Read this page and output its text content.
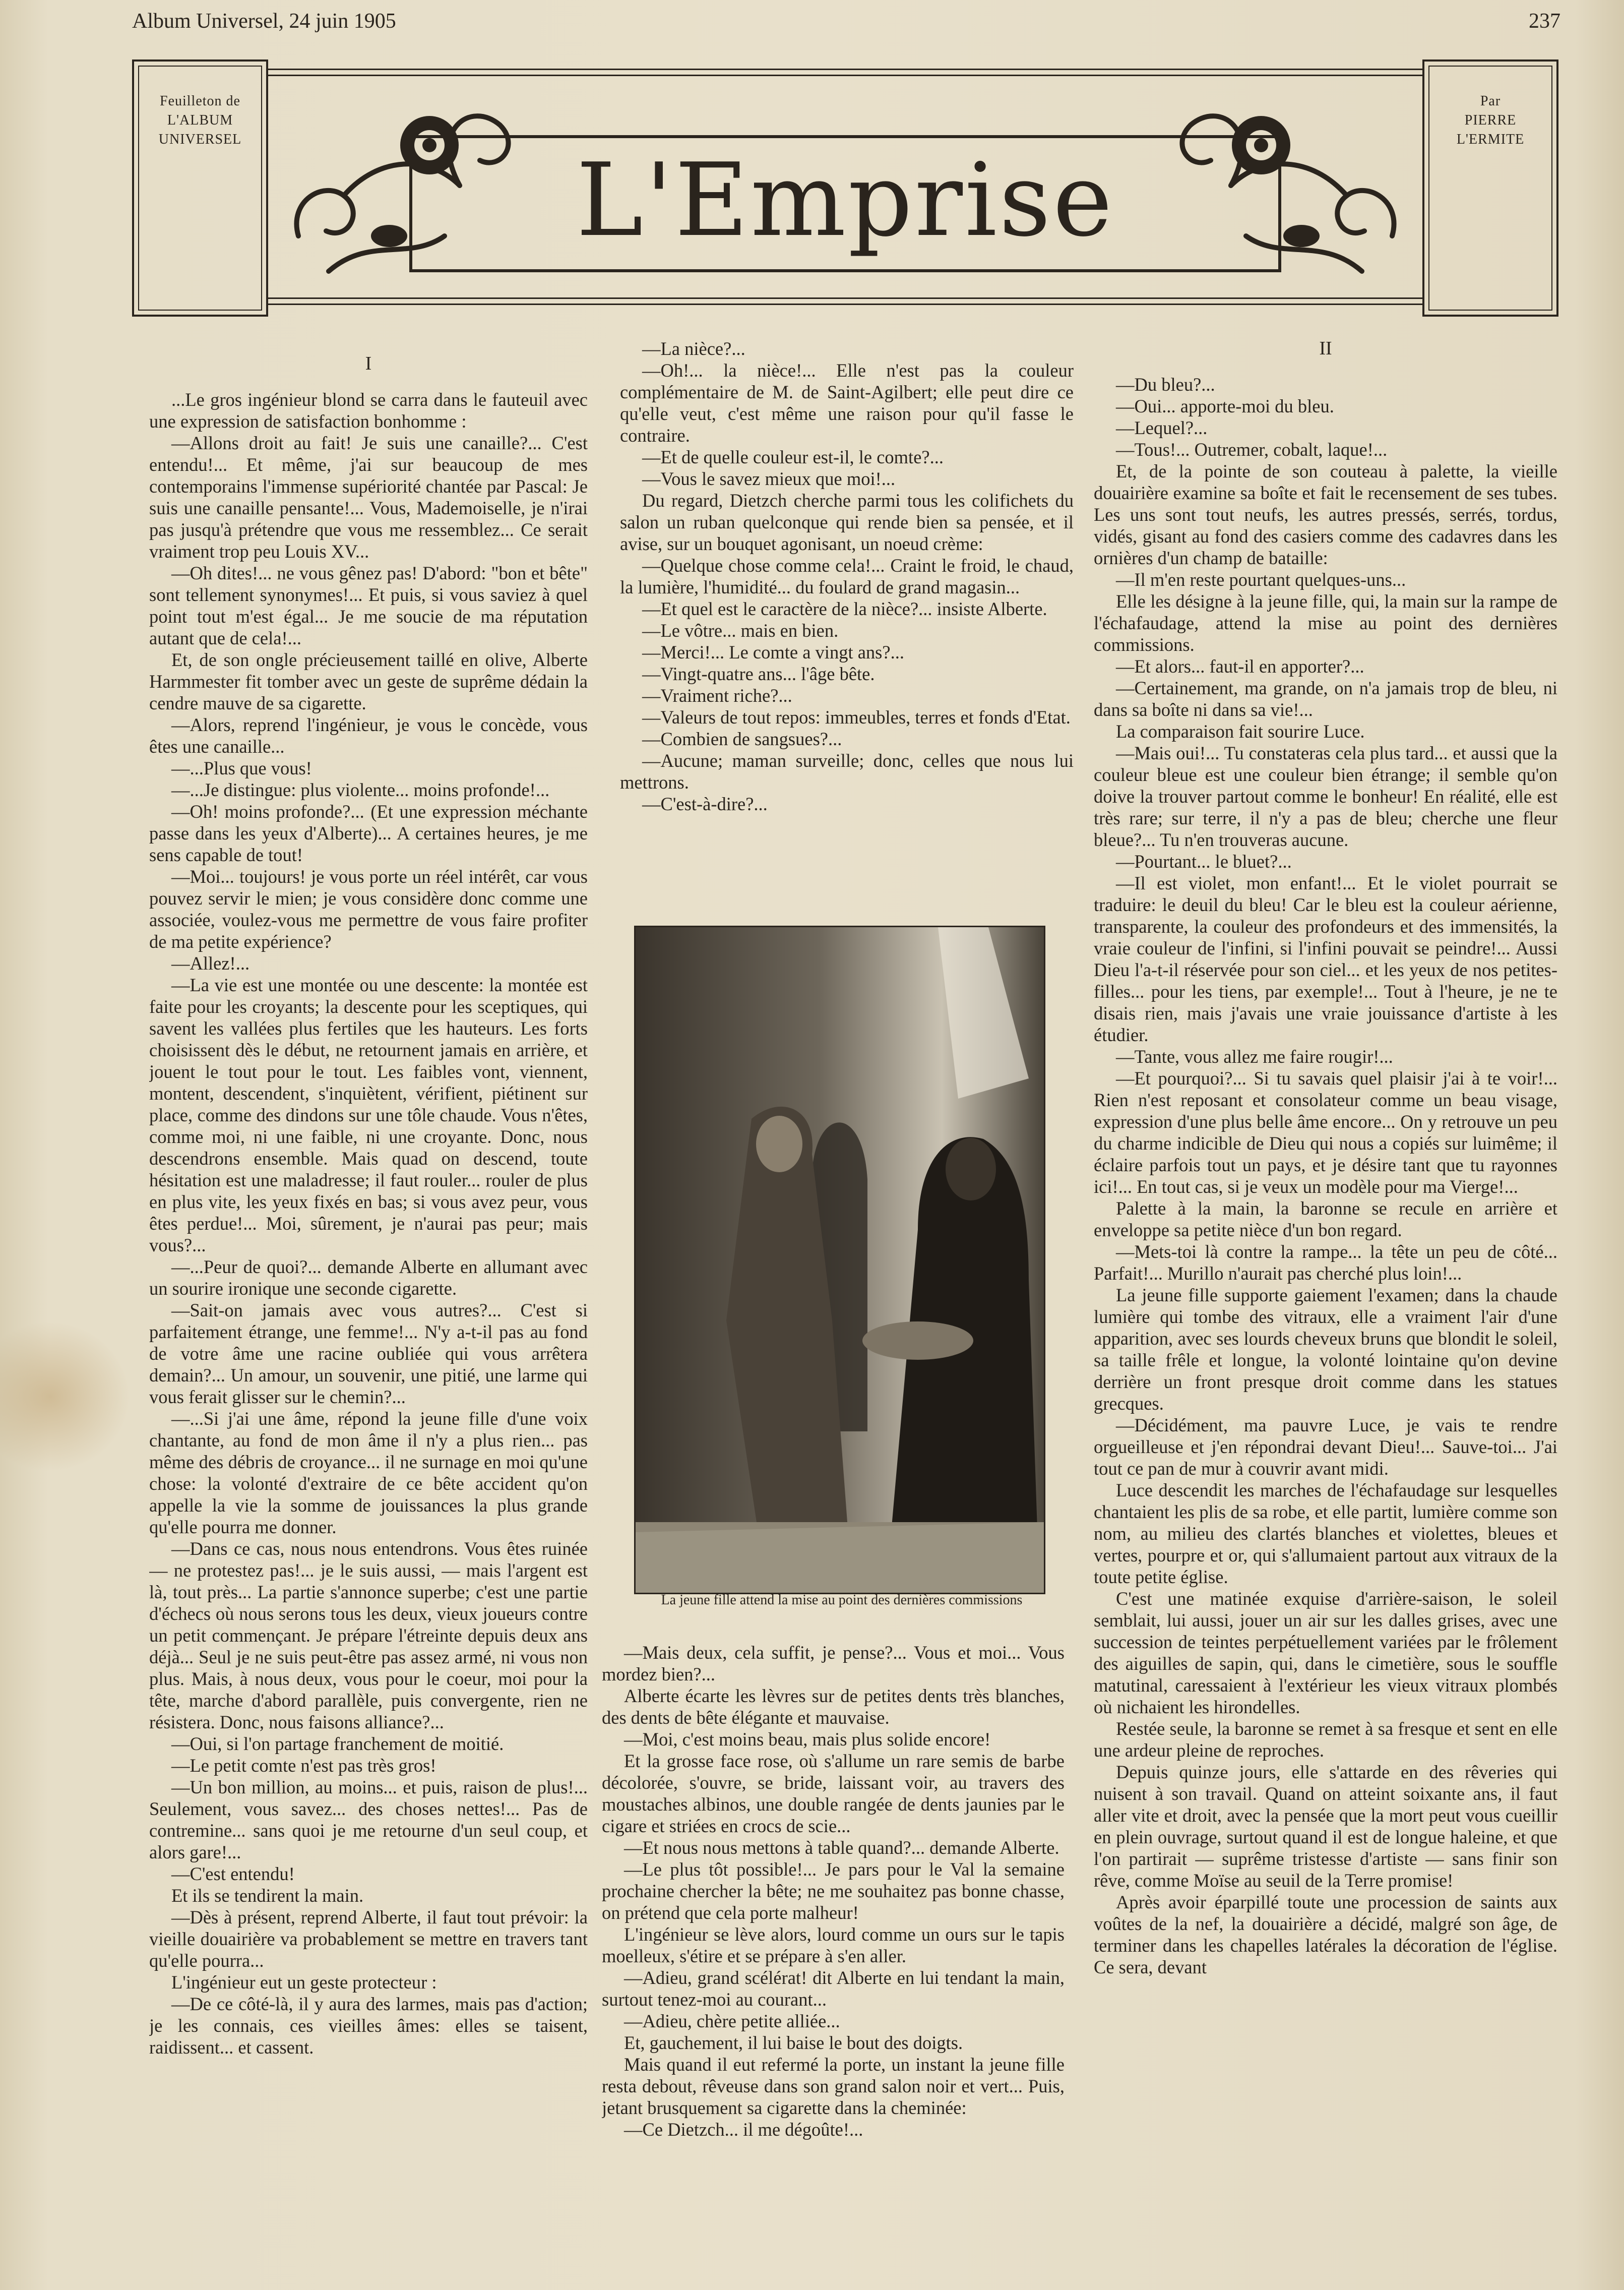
Album Universel, 24 juin 1905	237
Feuilleton de
L'ALBUM
UNIVERSEL
Par
PIERRE
L'ERMITE
L'Emprise

I

...Le gros ingénieur blond se carra dans le fauteuil avec une expression de satisfaction bonhomme :

—Allons droit au fait! Je suis une canaille?... C'est entendu!... Et même, j'ai sur beaucoup de mes contemporains l'immense supériorité chantée par Pascal: Je suis une canaille pensante!... Vous, Mademoiselle, je n'irai pas jusqu'à prétendre que vous me ressemblez... Ce serait vraiment trop peu Louis XV...

—Oh dites!... ne vous gênez pas! D'abord: "bon et bête" sont tellement synonymes!... Et puis, si vous saviez à quel point tout m'est égal... Je me soucie de ma réputation autant que de cela!...

Et, de son ongle précieusement taillé en olive, Alberte Harmmester fit tomber avec un geste de suprême dédain la cendre mauve de sa cigarette.

—Alors, reprend l'ingénieur, je vous le concède, vous êtes une canaille...

—...Plus que vous!

—...Je distingue: plus violente... moins profonde!...

—Oh! moins profonde?... (Et une expression méchante passe dans les yeux d'Alberte)... A certaines heures, je me sens capable de tout!

—Moi... toujours! je vous porte un réel intérêt, car vous pouvez servir le mien; je vous considère donc comme une associée, voulez-vous me permettre de vous faire profiter de ma petite expérience?

—Allez!...

—La vie est une montée ou une descente: la montée est faite pour les croyants; la descente pour les sceptiques, qui savent les vallées plus fertiles que les hauteurs. Les forts choisissent dès le début, ne retournent jamais en arrière, et jouent le tout pour le tout. Les faibles vont, viennent, montent, descendent, s'inquiètent, vérifient, piétinent sur place, comme des dindons sur une tôle chaude. Vous n'êtes, comme moi, ni une faible, ni une croyante. Donc, nous descendrons ensemble. Mais quad on descend, toute hésitation est une maladresse; il faut rouler... rouler de plus en plus vite, les yeux fixés en bas; si vous avez peur, vous êtes perdue!... Moi, sûrement, je n'aurai pas peur; mais vous?...

—...Peur de quoi?... demande Alberte en allumant avec un sourire ironique une seconde cigarette.

—Sait-on jamais avec vous autres?... C'est si parfaitement étrange, une femme!... N'y a-t-il pas au fond de votre âme une racine oubliée qui vous arrêtera demain?... Un amour, un souvenir, une pitié, une larme qui vous ferait glisser sur le chemin?...

—...Si j'ai une âme, répond la jeune fille d'une voix chantante, au fond de mon âme il n'y a plus rien... pas même des débris de croyance... il ne surnage en moi qu'une chose: la volonté d'extraire de ce bête accident qu'on appelle la vie la somme de jouissances la plus grande qu'elle pourra me donner.

—Dans ce cas, nous nous entendrons. Vous êtes ruinée — ne protestez pas!... je le suis aussi, — mais l'argent est là, tout près... La partie s'annonce superbe; c'est une partie d'échecs où nous serons tous les deux, vieux joueurs contre un petit commençant. Je prépare l'étreinte depuis deux ans déjà... Seul je ne suis peut-être pas assez armé, ni vous non plus. Mais, à nous deux, vous pour le coeur, moi pour la tête, marche d'abord parallèle, puis convergente, rien ne résistera. Donc, nous faisons alliance?...

—Oui, si l'on partage franchement de moitié.

—Le petit comte n'est pas très gros!

—Un bon million, au moins... et puis, raison de plus!... Seulement, vous savez... des choses nettes!... Pas de contremine... sans quoi je me retourne d'un seul coup, et alors gare!...

—C'est entendu!

Et ils se tendirent la main.

—Dès à présent, reprend Alberte, il faut tout prévoir: la vieille douairière va probablement se mettre en travers tant qu'elle pourra...

L'ingénieur eut un geste protecteur :

—De ce côté-là, il y aura des larmes, mais pas d'action; je les connais, ces vieilles âmes: elles se taisent, raidissent... et cassent.

—La nièce?...

—Oh!... la nièce!... Elle n'est pas la couleur complémentaire de M. de Saint-Agilbert; elle peut dire ce qu'elle veut, c'est même une raison pour qu'il fasse le contraire.

—Et de quelle couleur est-il, le comte?...

—Vous le savez mieux que moi!...

Du regard, Dietzch cherche parmi tous les colifichets du salon un ruban quelconque qui rende bien sa pensée, et il avise, sur un bouquet agonisant, un noeud crème:

—Quelque chose comme cela!... Craint le froid, le chaud, la lumière, l'humidité... du foulard de grand magasin...

—Et quel est le caractère de la nièce?... insiste Alberte.

—Le vôtre... mais en bien.

—Merci!... Le comte a vingt ans?...

—Vingt-quatre ans... l'âge bête.

—Vraiment riche?...

—Valeurs de tout repos: immeubles, terres et fonds d'Etat.

—Combien de sangsues?...

—Aucune; maman surveille; donc, celles que nous lui mettrons.

—C'est-à-dire?...

La jeune fille attend la mise au point des dernières commissions

—Mais deux, cela suffit, je pense?... Vous et moi... Vous mordez bien?...

Alberte écarte les lèvres sur de petites dents très blanches, des dents de bête élégante et mauvaise.

—Moi, c'est moins beau, mais plus solide encore!

Et la grosse face rose, où s'allume un rare semis de barbe décolorée, s'ouvre, se bride, laissant voir, au travers des moustaches albinos, une double rangée de dents jaunies par le cigare et striées en crocs de scie...

—Et nous nous mettons à table quand?... demande Alberte.

—Le plus tôt possible!... Je pars pour le Val la semaine prochaine chercher la bête; ne me souhaitez pas bonne chasse, on prétend que cela porte malheur!

L'ingénieur se lève alors, lourd comme un ours sur le tapis moelleux, s'étire et se prépare à s'en aller.

—Adieu, grand scélérat! dit Alberte en lui tendant la main, surtout tenez-moi au courant...

—Adieu, chère petite alliée...

Et, gauchement, il lui baise le bout des doigts.

Mais quand il eut refermé la porte, un instant la jeune fille resta debout, rêveuse dans son grand salon noir et vert... Puis, jetant brusquement sa cigarette dans la cheminée:

—Ce Dietzch... il me dégoûte!...

II

—Du bleu?...

—Oui... apporte-moi du bleu.

—Lequel?...

—Tous!... Outremer, cobalt, laque!...

Et, de la pointe de son couteau à palette, la vieille douairière examine sa boîte et fait le recensement de ses tubes. Les uns sont tout neufs, les autres pressés, serrés, tordus, vidés, gisant au fond des casiers comme des cadavres dans les ornières d'un champ de bataille:

—Il m'en reste pourtant quelques-uns...

Elle les désigne à la jeune fille, qui, la main sur la rampe de l'échafaudage, attend la mise au point des dernières commissions.

—Et alors... faut-il en apporter?...

—Certainement, ma grande, on n'a jamais trop de bleu, ni dans sa boîte ni dans sa vie!...

La comparaison fait sourire Luce.

—Mais oui!... Tu constateras cela plus tard... et aussi que la couleur bleue est une couleur bien étrange; il semble qu'on doive la trouver partout comme le bonheur! En réalité, elle est très rare; sur terre, il n'y a pas de bleu; cherche une fleur bleue?... Tu n'en trouveras aucune.

—Pourtant... le bluet?...

—Il est violet, mon enfant!... Et le violet pourrait se traduire: le deuil du bleu! Car le bleu est la couleur aérienne, transparente, la couleur des profondeurs et des immensités, la vraie couleur de l'infini, si l'infini pouvait se peindre!... Aussi Dieu l'a-t-il réservée pour son ciel... et les yeux de nos petites-filles... pour les tiens, par exemple!... Tout à l'heure, je ne te disais rien, mais j'avais une vraie jouissance d'artiste à les étudier.

—Tante, vous allez me faire rougir!...

—Et pourquoi?... Si tu savais quel plaisir j'ai à te voir!... Rien n'est reposant et consolateur comme un beau visage, expression d'une plus belle âme encore... On y retrouve un peu du charme indicible de Dieu qui nous a copiés sur luimême; il éclaire parfois tout un pays, et je désire tant que tu rayonnes ici!... En tout cas, si je veux un modèle pour ma Vierge!...

Palette à la main, la baronne se recule en arrière et enveloppe sa petite nièce d'un bon regard.

—Mets-toi là contre la rampe... la tête un peu de côté... Parfait!... Murillo n'aurait pas cherché plus loin!...

La jeune fille supporte gaiement l'examen; dans la chaude lumière qui tombe des vitraux, elle a vraiment l'air d'une apparition, avec ses lourds cheveux bruns que blondit le soleil, sa taille frêle et longue, la volonté lointaine qu'on devine derrière un front presque droit comme dans les statues grecques.

—Décidément, ma pauvre Luce, je vais te rendre orgueilleuse et j'en répondrai devant Dieu!... Sauve-toi... J'ai tout ce pan de mur à couvrir avant midi.

Luce descendit les marches de l'échafaudage sur lesquelles chantaient les plis de sa robe, et elle partit, lumière comme son nom, au milieu des clartés blanches et violettes, bleues et vertes, pourpre et or, qui s'allumaient partout aux vitraux de la toute petite église.

C'est une matinée exquise d'arrière-saison, le soleil semblait, lui aussi, jouer un air sur les dalles grises, avec une succession de teintes perpétuellement variées par le frôlement des aiguilles de sapin, qui, dans le cimetière, sous le souffle matutinal, caressaient à l'extérieur les vieux vitraux plombés où nichaient les hirondelles.

Restée seule, la baronne se remet à sa fresque et sent en elle une ardeur pleine de reproches.

Depuis quinze jours, elle s'attarde en des rêveries qui nuisent à son travail. Quand on atteint soixante ans, il faut aller vite et droit, avec la pensée que la mort peut vous cueillir en plein ouvrage, surtout quand il est de longue haleine, et que l'on partirait — suprême tristesse d'artiste — sans finir son rêve, comme Moïse au seuil de la Terre promise!

Après avoir éparpillé toute une procession de saints aux voûtes de la nef, la douairière a décidé, malgré son âge, de terminer dans les chapelles latérales la décoration de l'église. Ce sera, devant
